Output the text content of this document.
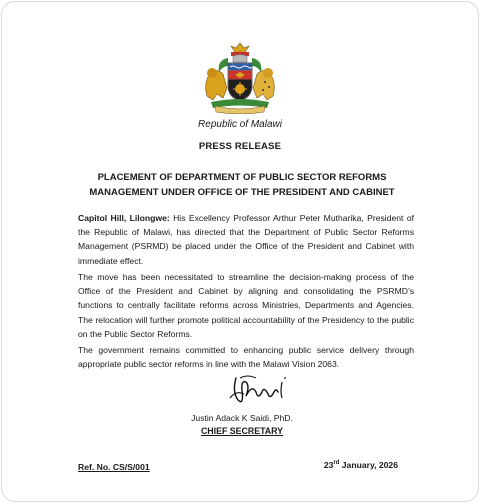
Republic of Malawi
PRESS RELEASE
PLACEMENT OF DEPARTMENT OF PUBLIC SECTOR REFORMS
MANAGEMENT UNDER OFFICE OF THE PRESIDENT AND CABINET
Capitol Hill, Lilongwe: His Excellency Professor Arthur Peter Mutharika, President of the Republic of Malawi, has directed that the Department of Public Sector Reforms Management (PSRMD) be placed under the Office of the President and Cabinet with immediate effect.
The move has been necessitated to streamline the decision-making process of the Office of the President and Cabinet by aligning and consolidating the PSRMD’s functions to centrally facilitate reforms across Ministries, Departments and Agencies. The relocation will further promote political accountability of the Presidency to the public on the Public Sector Reforms.
The government remains committed to enhancing public service delivery through appropriate public sector reforms in line with the Malawi Vision 2063.
Justin Adack K Saidi, PhD.
CHIEF SECRETARY
Ref. No. CS/S/001	23rd January, 2026
